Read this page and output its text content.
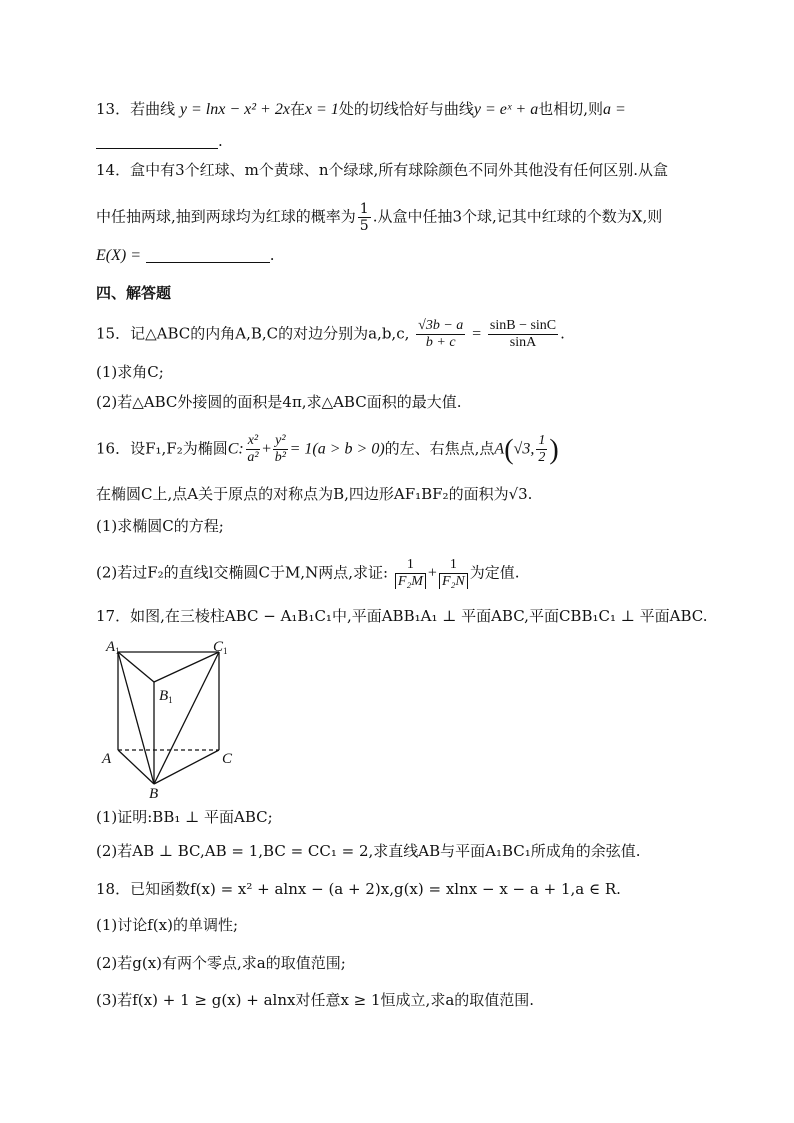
13．若曲线 y = lnx − x² + 2x在x = 1处的切线恰好与曲线y = eˣ + a也相切,则a =
.
14．盒中有3个红球、m个黄球、n个绿球,所有球除颜色不同外其他没有任何区别.从盒
中任抽两球,抽到两球均为红球的概率为 $\frac{1}{5}$ .从盒中任抽3个球,记其中红球的个数为X,则
E(X) =	.
四、解答题
15．记△ABC的内角A,B,C的对边分别为a,b,c, $\frac{√3b - a}{b + c} = \frac{\sin B - \sin C}{\sin A}$ .
(1)求角C;
(2)若△ABC外接圆的面积是4π,求△ABC面积的最大值.
16．设F₁,F₂为椭圆C: $\frac{\text{x²}}{\text{a²}} + \frac{\text{y²}}{\text{b²}} = 1(a > b > 0)$的左、右焦点,点A(√3, $\frac{1}{2}$ )
在椭圆C上,点A关于原点的对称点为B,四边形AF₁BF₂的面积为√3.
(1)求椭圆C的方程;
(2)若过F₂的直线l交椭圆C于M,N两点,求证: $\frac{1}{\text{F₂M}} + \frac{1}{\text{F₂N}}$ 为定值.
17．如图,在三棱柱ABC − A₁B₁C₁中,平面ABB₁A₁ ⊥ 平面ABC,平面CBB₁C₁ ⊥ 平面ABC.
$A_1$	$C_1$
$B_1$
A	C
B
(1)证明:BB₁ ⊥ 平面ABC;
(2)若AB ⊥ BC,AB = 1,BC = CC₁ = 2,求直线AB与平面A₁BC₁所成角的余弦值.
18．已知函数f(x) = x² + alnx − (a + 2)x,g(x) = xlnx − x − a + 1,a ∈ R.
(1)讨论f(x)的单调性;
(2)若g(x)有两个零点,求a的取值范围;
(3)若f(x) + 1 ≥ g(x) + alnx对任意x ≥ 1恒成立,求a的取值范围.
